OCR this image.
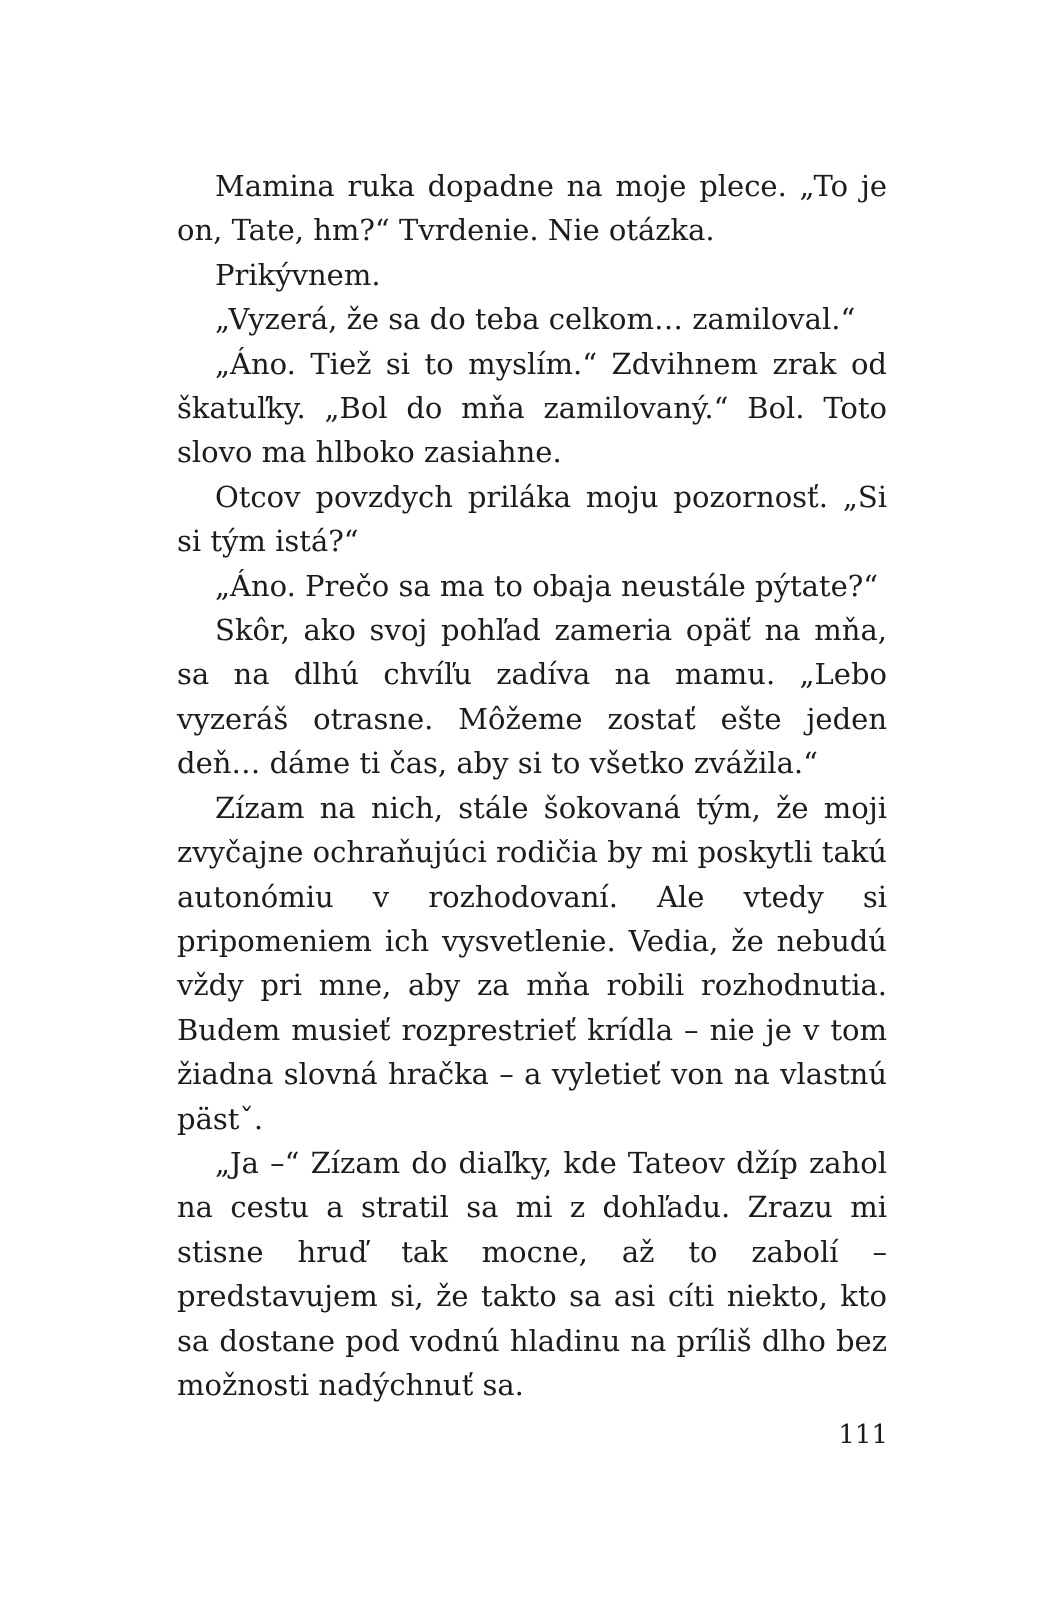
Mamina ruka dopadne na moje plece. „To je on, Tate, hm?“ Tvrdenie. Nie otázka.

Prikývnem.

„Vyzerá, že sa do teba celkom… zamiloval.“

„Áno. Tiež si to myslím.“ Zdvihnem zrak od škatuľky. „Bol do mňa zamilovaný.“ Bol. Toto slovo ma hlboko zasiahne.

Otcov povzdych priláka moju pozornosť. „Si si tým istá?“

„Áno. Prečo sa ma to obaja neustále pýtate?“

Skôr, ako svoj pohľad zameria opäť na mňa, sa na dlhú chvíľu zadíva na mamu. „Lebo vyzeráš otrasne. Môžeme zostať ešte jeden deň… dáme ti čas, aby si to všetko zvážila.“

Zízam na nich, stále šokovaná tým, že moji zvyčajne ochraňujúci rodičia by mi poskytli takú autonómiu v rozhodovaní. Ale vtedy si pripomeniem ich vysvetlenie. Vedia, že nebudú vždy pri mne, aby za mňa robili rozhodnutia. Budem musieť rozprestrieť krídla – nie je v tom žiadna slovná hračka – a vyletieť von na vlastnú pästˇ.

„Ja –“ Zízam do diaľky, kde Tateov džíp zahol na cestu a stratil sa mi z dohľadu. Zrazu mi stisne hruď tak mocne, až to zabolí – predstavujem si, že takto sa asi cíti niekto, kto sa dostane pod vodnú hladinu na príliš dlho bez možnosti nadýchnuť sa.

111
